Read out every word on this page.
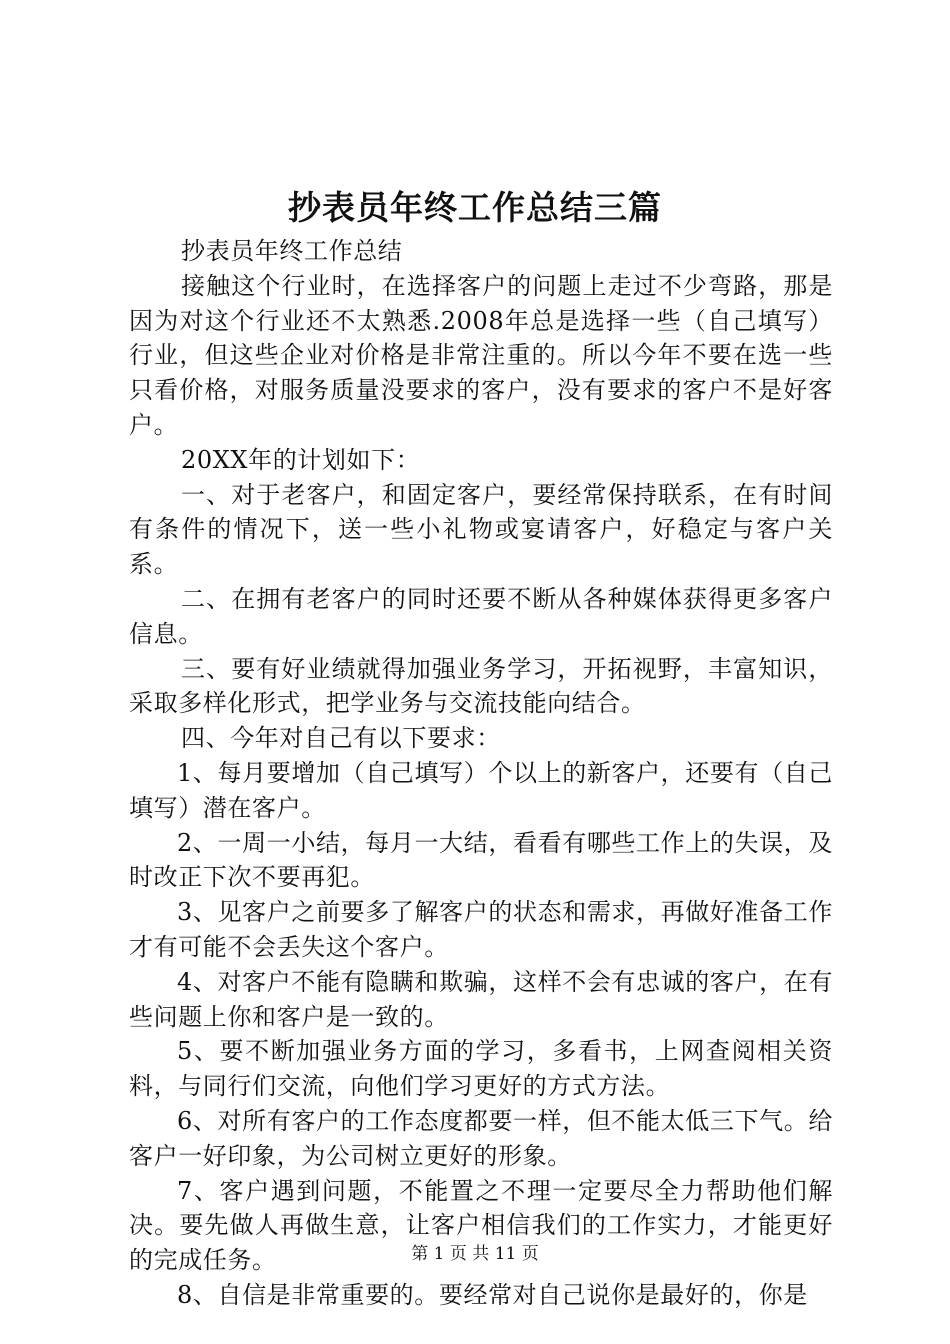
抄表员年终工作总结三篇

抄表员年终工作总结

接触这个行业时，在选择客户的问题上走过不少弯路，那是因为对这个行业还不太熟悉.2008年总是选择一些（自己填写）行业，但这些企业对价格是非常注重的。所以今年不要在选一些只看价格，对服务质量没要求的客户，没有要求的客户不是好客户。

20XX年的计划如下：

一、对于老客户，和固定客户，要经常保持联系，在有时间有条件的情况下，送一些小礼物或宴请客户，好稳定与客户关系。

二、在拥有老客户的同时还要不断从各种媒体获得更多客户信息。

三、要有好业绩就得加强业务学习，开拓视野，丰富知识，采取多样化形式，把学业务与交流技能向结合。

四、今年对自己有以下要求：

1、每月要增加（自己填写）个以上的新客户，还要有（自己填写）潜在客户。

2、一周一小结，每月一大结，看看有哪些工作上的失误，及时改正下次不要再犯。

3、见客户之前要多了解客户的状态和需求，再做好准备工作才有可能不会丢失这个客户。

4、对客户不能有隐瞒和欺骗，这样不会有忠诚的客户，在有些问题上你和客户是一致的。

5、要不断加强业务方面的学习，多看书，上网查阅相关资料，与同行们交流，向他们学习更好的方式方法。

6、对所有客户的工作态度都要一样，但不能太低三下气。给客户一好印象，为公司树立更好的形象。

7、客户遇到问题，不能置之不理一定要尽全力帮助他们解决。要先做人再做生意，让客户相信我们的工作实力，才能更好的完成任务。

8、自信是非常重要的。要经常对自己说你是最好的，你是

第 1 页 共 11 页
